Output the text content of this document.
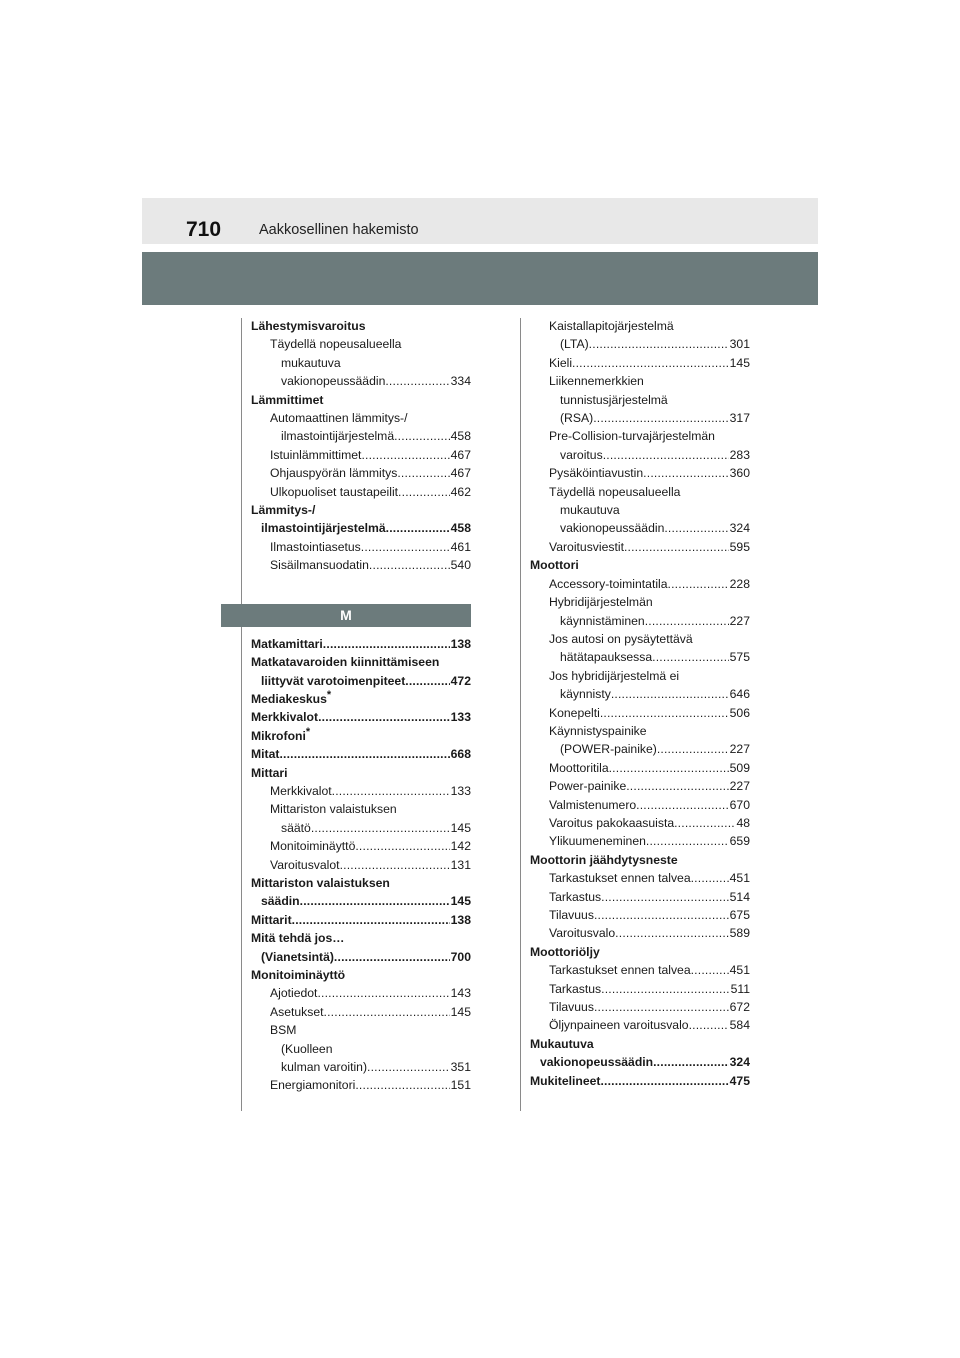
710	Aakkosellinen hakemisto
Lähestymisvaroitus
Täydellä nopeusalueella
mukautuva
vakionopeussäädin . . .	334
Lämmittimet
Automaattinen lämmitys-/
ilmastointijärjestelmä . . .	458
Istuinlämmittimet . . .	467
Ohjauspyörän lämmitys . . .	467
Ulkopuoliset taustapeilit . . .	462
Lämmitys-/
ilmastointijärjestelmä . . .	458
Ilmastointiasetus . . .	461
Sisäilmansuodatin . . .	540
M
Matkamittari . . .	138
Matkatavaroiden kiinnittämiseen
liittyvät varotoimenpiteet . . .	472
Mediakeskus*
Merkkivalot . . .	133
Mikrofoni*
Mitat . . .	668
Mittari
Merkkivalot . . .	133
Mittariston valaistuksen
säätö . . .	145
Monitoiminäyttö . . .	142
Varoitusvalot . . .	131
Mittariston valaistuksen
säädin . . .	145
Mittarit . . .	138
Mitä tehdä jos…
(Vianetsintä) . . .	700
Monitoiminäyttö
Ajotiedot . . .	143
Asetukset . . .	145
BSM
(Kuolleen
kulman varoitin) . . .	351
Energiamonitori . . .	151
Kaistallapitojärjestelmä
(LTA) . . .	301
Kieli . . .	145
Liikennemerkkien
tunnistusjärjestelmä
(RSA) . . .	317
Pre-Collision-turvajärjestelmän
varoitus . . .	283
Pysäköintiavustin . . .	360
Täydellä nopeusalueella
mukautuva
vakionopeussäädin . . .	324
Varoitusviestit . . .	595
Moottori
Accessory-toimintatila . . .	228
Hybridijärjestelmän
käynnistäminen . . .	227
Jos autosi on pysäytettävä
hätätapauksessa . . .	575
Jos hybridijärjestelmä ei
käynnisty . . .	646
Konepelti . . .	506
Käynnistyspainike
(POWER-painike) . . .	227
Moottoritila . . .	509
Power-painike . . .	227
Valmistenumero . . .	670
Varoitus pakokaasuista . . .	48
Ylikuumeneminen . . .	659
Moottorin jäähdytysneste
Tarkastukset ennen talvea . . .	451
Tarkastus . . .	514
Tilavuus . . .	675
Varoitusvalo . . .	589
Moottoriöljy
Tarkastukset ennen talvea . . .	451
Tarkastus . . .	511
Tilavuus . . .	672
Öljynpaineen varoitusvalo . . .	584
Mukautuva
vakionopeussäädin . . .	324
Mukitelineet . . .	475
